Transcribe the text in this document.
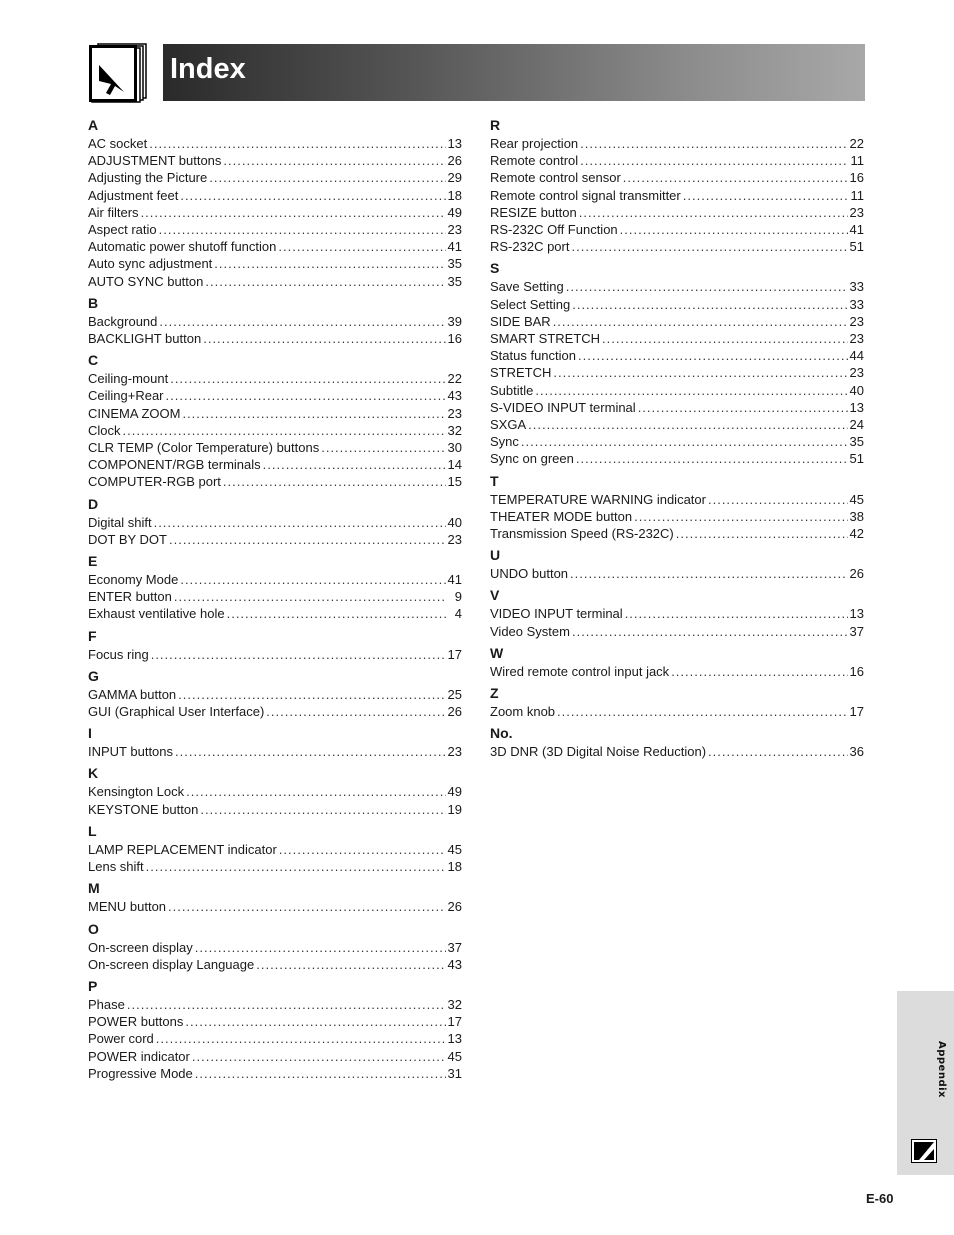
Index
A
AC socket .....	13
ADJUSTMENT buttons .....	26
Adjusting the Picture .....	29
Adjustment feet .....	18
Air filters .....	49
Aspect ratio .....	23
Automatic power shutoff function .....	41
Auto sync adjustment .....	35
AUTO SYNC button .....	35
B
Background .....	39
BACKLIGHT button .....	16
C
Ceiling-mount .....	22
Ceiling+Rear .....	43
CINEMA ZOOM .....	23
Clock .....	32
CLR TEMP (Color Temperature) buttons .....	30
COMPONENT/RGB terminals .....	14
COMPUTER-RGB port .....	15
D
Digital shift .....	40
DOT BY DOT .....	23
E
Economy Mode .....	41
ENTER button .....	9
Exhaust ventilative hole .....	4
F
Focus ring .....	17
G
GAMMA button .....	25
GUI (Graphical User Interface) .....	26
I
INPUT buttons .....	23
K
Kensington Lock .....	49
KEYSTONE button .....	19
L
LAMP REPLACEMENT indicator .....	45
Lens shift .....	18
M
MENU button .....	26
O
On-screen display .....	37
On-screen display Language .....	43
P
Phase .....	32
POWER buttons .....	17
Power cord .....	13
POWER indicator .....	45
Progressive Mode .....	31
R
Rear projection .....	22
Remote control .....	11
Remote control sensor .....	16
Remote control signal transmitter .....	11
RESIZE button .....	23
RS-232C Off Function .....	41
RS-232C port .....	51
S
Save Setting .....	33
Select Setting .....	33
SIDE BAR .....	23
SMART STRETCH .....	23
Status function .....	44
STRETCH .....	23
Subtitle .....	40
S-VIDEO INPUT terminal .....	13
SXGA .....	24
Sync .....	35
Sync on green .....	51
T
TEMPERATURE WARNING indicator .....	45
THEATER MODE button .....	38
Transmission Speed (RS-232C) .....	42
U
UNDO button .....	26
V
VIDEO INPUT terminal .....	13
Video System .....	37
W
Wired remote control input jack .....	16
Z
Zoom knob .....	17
No.
3D DNR (3D Digital Noise Reduction) .....	36
Appendix
E-60
